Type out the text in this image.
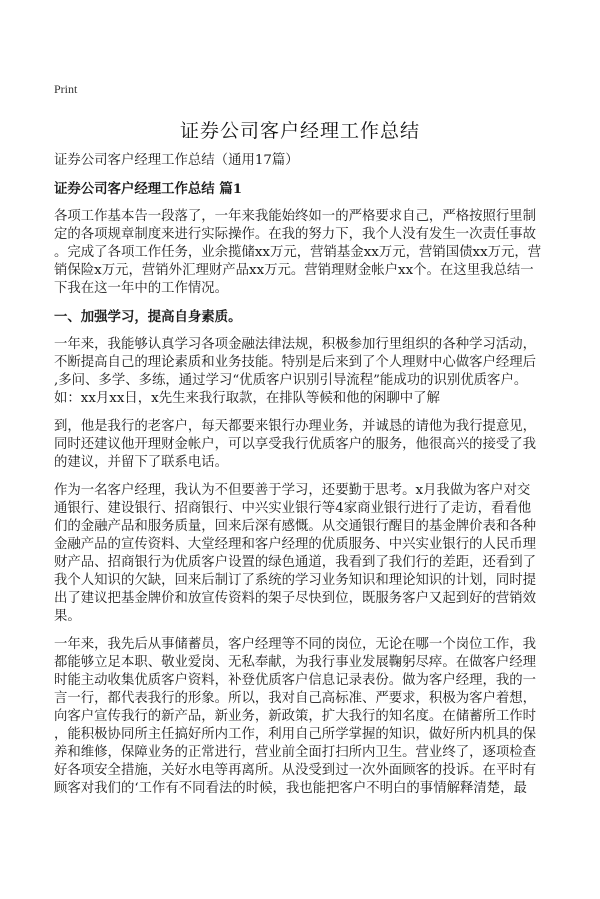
Print
证券公司客户经理工作总结

证券公司客户经理工作总结（通用17篇）

证券公司客户经理工作总结 篇1

各项工作基本告一段落了，一年来我能始终如一的严格要求自己，严格按照行里制

定的各项规章制度来进行实际操作。在我的努力下，我个人没有发生一次责任事故

。完成了各项工作任务，业余揽储xx万元，营销基金xx万元，营销国债xx万元，营

销保险x万元，营销外汇理财产品xx万元。营销理财金帐户xx个。在这里我总结一

下我在这一年中的工作情况。

一、加强学习，提高自身素质。

一年来，我能够认真学习各项金融法律法规，积极参加行里组织的各种学习活动，

不断提高自己的理论素质和业务技能。特别是后来到了个人理财中心做客户经理后

,多问、多学、多练，通过学习“优质客户识别引导流程”能成功的识别优质客户。

如：xx月xx日，x先生来我行取款，在排队等候和他的闲聊中了解

到，他是我行的老客户，每天都要来银行办理业务，并诚恳的请他为我行提意见，

同时还建议他开理财金帐户，可以享受我行优质客户的服务，他很高兴的接受了我

的建议，并留下了联系电话。

作为一名客户经理，我认为不但要善于学习，还要勤于思考。x月我做为客户对交

通银行、建设银行、招商银行、中兴实业银行等4家商业银行进行了走访，看看他

们的金融产品和服务质量，回来后深有感慨。从交通银行醒目的基金牌价表和各种

金融产品的宣传资料、大堂经理和客户经理的优质服务、中兴实业银行的人民币理

财产品、招商银行为优质客户设置的绿色通道，我看到了我们行的差距，还看到了

我个人知识的欠缺，回来后制订了系统的学习业务知识和理论知识的计划，同时提

出了建议把基金牌价和放宣传资料的架子尽快到位，既服务客户又起到好的营销效

果。

一年来，我先后从事储蓄员，客户经理等不同的岗位，无论在哪一个岗位工作，我

都能够立足本职、敬业爱岗、无私奉献，为我行事业发展鞠躬尽瘁。在做客户经理

时能主动收集优质客户资料，补登优质客户信息记录表份。做为客户经理，我的一

言一行，都代表我行的形象。所以，我对自己高标准、严要求，积极为客户着想，

向客户宣传我行的新产品，新业务，新政策，扩大我行的知名度。在储蓄所工作时

，能积极协同所主任搞好所内工作，利用自己所学掌握的知识，做好所内机具的保

养和维修，保障业务的正常进行，营业前全面打扫所内卫生。营业终了，逐项检查

好各项安全措施，关好水电等再离所。从没受到过一次外面顾客的投诉。在平时有

顾客对我们的‘工作有不同看法的时候，我也能把客户不明白的事情解释清楚，最
